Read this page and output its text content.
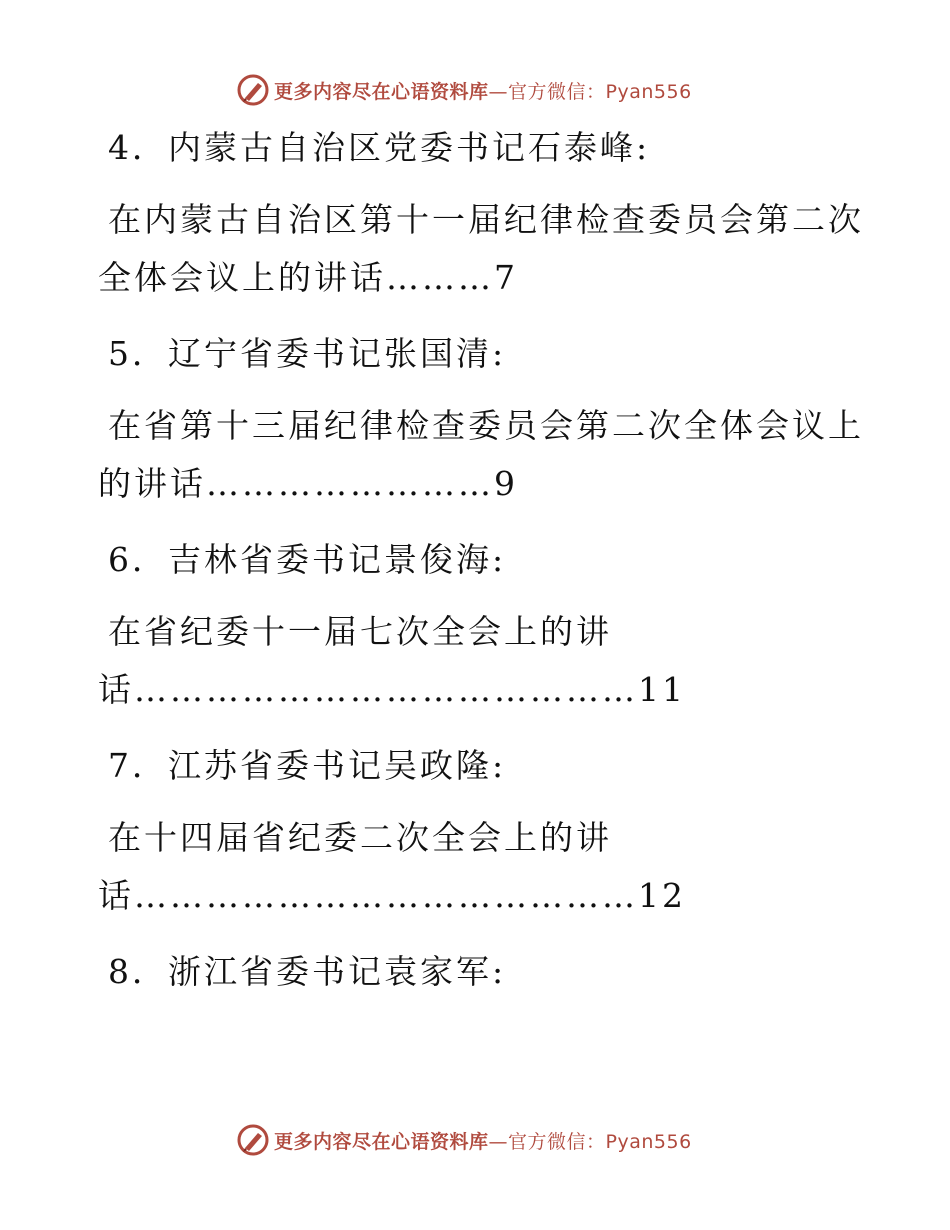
更多内容尽在心语资料库—官方微信：Pyan556
4．内蒙古自治区党委书记石泰峰:
在内蒙古自治区第十一届纪律检查委员会第二次
全体会议上的讲话………7
5．辽宁省委书记张国清:
在省第十三届纪律检查委员会第二次全体会议上
的讲话……………………9
6．吉林省委书记景俊海:
在省纪委十一届七次全会上的讲
话……………………………………11
7．江苏省委书记吴政隆:
在十四届省纪委二次全会上的讲
话……………………………………12
8．浙江省委书记袁家军:
更多内容尽在心语资料库—官方微信：Pyan556
